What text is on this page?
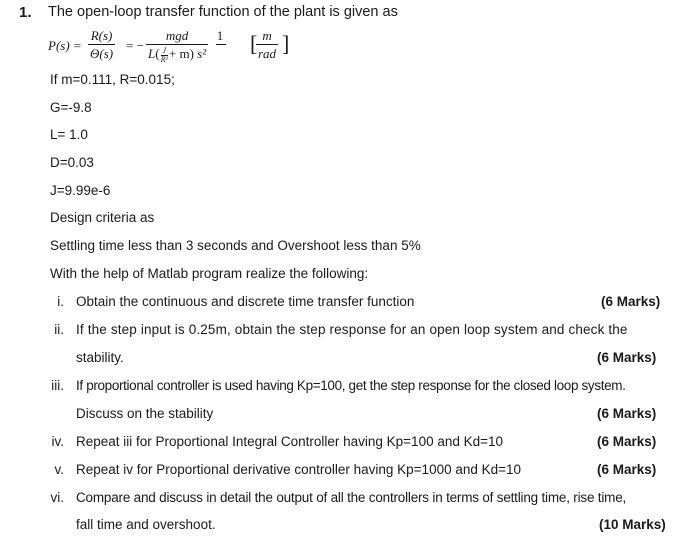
1. The open-loop transfer function of the plant is given as
P(s) =
R(s)
Θ(s)
= −
mgd
$L( \frac{J}{\text{R²}} + m)$ s²
1 [ m
rad ]
If m=0.111, R=0.015;
G=-9.8
L= 1.0
D=0.03
J=9.99e-6
Design criteria as
Settling time less than 3 seconds and Overshoot less than 5%
With the help of Matlab program realize the following:
i. Obtain the continuous and discrete time transfer function	(6 Marks)
ii. If the step input is 0.25m, obtain the step response for an open loop system and check the
stability.	(6 Marks)
iii. If proportional controller is used having Kp=100, get the step response for the closed loop system.
Discuss on the stability	(6 Marks)
iv. Repeat iii for Proportional Integral Controller having Kp=100 and Kd=10	(6 Marks)
v. Repeat iv for Proportional derivative controller having Kp=1000 and Kd=10	(6 Marks)
vi. Compare and discuss in detail the output of all the controllers in terms of settling time, rise time,
fall time and overshoot.	(10 Marks)
